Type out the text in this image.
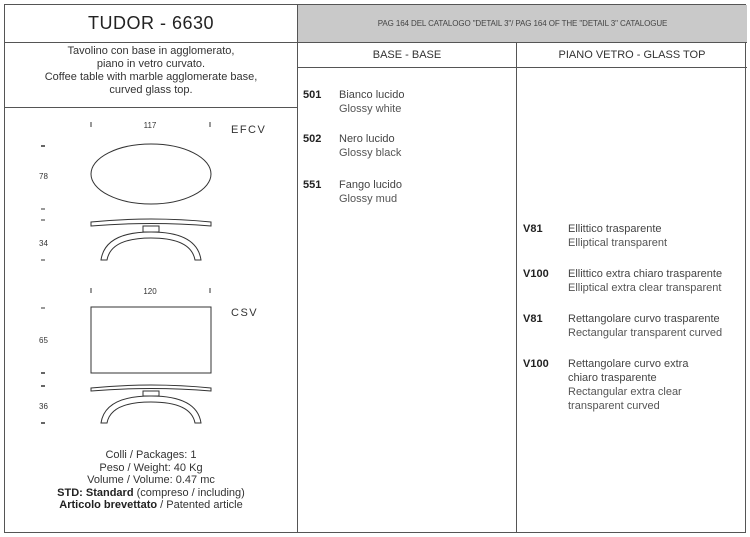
TUDOR - 6630	PAG 164 DEL CATALOGO "DETAIL 3"/ PAG 164 OF THE "DETAIL 3" CATALOGUE
Tavolino con base in agglomerato,
piano in vetro curvato.
Coffee table with marble agglomerate base,
curved glass top.
117	EFCV
78
34
120
CSV
65
36
Colli / Packages: 1
Peso / Weight: 40 Kg
Volume / Volume: 0.47 mc
STD: Standard (compreso / including)
Articolo brevettato / Patented article
BASE - BASE	PIANO VETRO - GLASS TOP
501 Bianco lucido
Glossy white
502 Nero lucido
Glossy black
551 Fango lucido
Glossy mud
V81 Ellittico trasparente
Elliptical transparent
V100 Ellittico extra chiaro trasparente
Elliptical extra clear transparent
V81 Rettangolare curvo trasparente
Rectangular transparent curved
V100 Rettangolare curvo extra
chiaro trasparente
Rectangular extra clear
transparent curved
